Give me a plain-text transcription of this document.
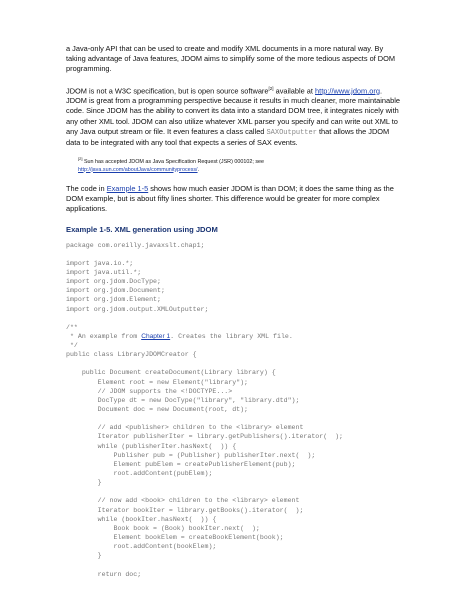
a Java-only API that can be used to create and modify XML documents in a more natural way. By taking advantage of Java features, JDOM aims to simplify some of the more tedious aspects of DOM programming.

JDOM is not a W3C specification, but is open source software[2] available at http://www.jdom.org. JDOM is great from a programming perspective because it results in much cleaner, more maintainable code. Since JDOM has the ability to convert its data into a standard DOM tree, it integrates nicely with any other XML tool. JDOM can also utilize whatever XML parser you specify and can write out XML to any Java output stream or file. It even features a class called SAXOutputter that allows the JDOM data to be integrated with any tool that expects a series of SAX events.

[2] Sun has accepted JDOM as Java Specification Request (JSR) 000102; see
http://java.sun.com/aboutJava/communityprocess/.

The code in Example 1-5 shows how much easier JDOM is than DOM; it does the same thing as the DOM example, but is about fifty lines shorter. This difference would be greater for more complex applications.

Example 1-5. XML generation using JDOM
package com.oreilly.javaxslt.chap1;
import java.io.*;
import java.util.*;
import org.jdom.DocType;
import org.jdom.Document;
import org.jdom.Element;
import org.jdom.output.XMLOutputter;
/**
* An example from Chapter 1. Creates the library XML file.
*/
public class LibraryJDOMCreator {
public Document createDocument(Library library) {
Element root = new Element("library");
// JDOM supports the <!DOCTYPE...>
DocType dt = new DocType("library", "library.dtd");
Document doc = new Document(root, dt);
// add <publisher> children to the <library> element
Iterator publisherIter = library.getPublishers().iterator(  );
while (publisherIter.hasNext(  )) {
Publisher pub = (Publisher) publisherIter.next(  );
Element pubElem = createPublisherElement(pub);
root.addContent(pubElem);
}
// now add <book> children to the <library> element
Iterator bookIter = library.getBooks().iterator(  );
while (bookIter.hasNext(  )) {
Book book = (Book) bookIter.next(  );
Element bookElem = createBookElement(book);
root.addContent(bookElem);
}
return doc;
